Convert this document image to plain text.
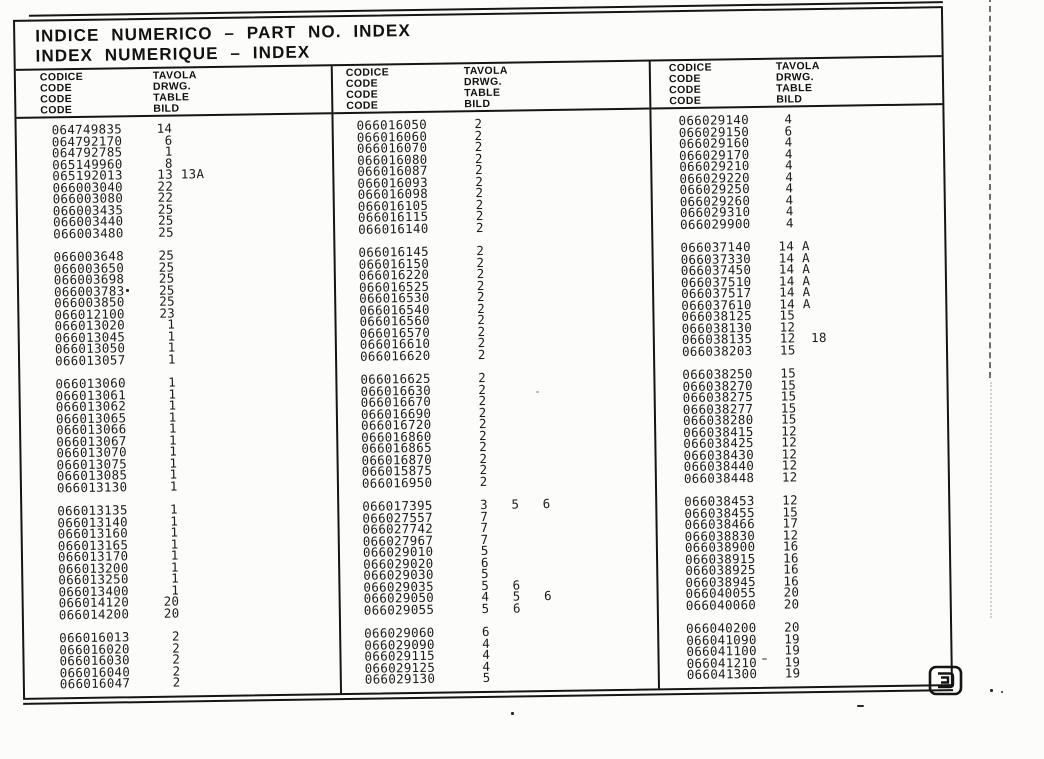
INDICE NUMERICO – PART NO. INDEX
INDEX NUMERIQUE – INDEX
CODICE
CODE
CODE
CODE
TAVOLA
DRWG.
TABLE
BILD
064749835	14
064792170	6
064792785	1
065149960	8
065192013	13 13A
066003040	22
066003080	22
066003435	25
066003440	25
066003480	25
066003648	25
066003650	25
066003698	25
066003783	25
066003850	25
066012100	23
066013020	1
066013045	1
066013050	1
066013057	1
066013060	1
066013061	1
066013062	1
066013065	1
066013066	1
066013067	1
066013070	1
066013075	1
066013085	1
066013130	1
066013135	1
066013140	1
066013160	1
066013165	1
066013170	1
066013200	1
066013250	1
066013400	1
066014120	20
066014200	20
066016013	2
066016020	2
066016030	2
066016040	2
066016047	2
CODICE
CODE
CODE
CODE
TAVOLA
DRWG.
TABLE
BILD
066016050	2
066016060	2
066016070	2
066016080	2
066016087	2
066016093	2
066016098	2
066016105	2
066016115	2
066016140	2
066016145	2
066016150	2
066016220	2
066016525	2
066016530	2
066016540	2
066016560	2
066016570	2
066016610	2
066016620	2
066016625	2
066016630	2
066016670	2
066016690	2
066016720	2
066016860	2
066016865	2
066016870	2
066015875	2
066016950	2
066017395	3   5   6
066027557	7
066027742	7
066027967	7
066029010	5
066029020	6
066029030	5
066029035	5   6
066029050	4   5   6
066029055	5   6
066029060	6
066029090	4
066029115	4
066029125	4
066029130	5
CODICE
CODE
CODE
CODE
TAVOLA
DRWG.
TABLE
BILD
066029140 4
066029150 6
066029160 4
066029170 4
066029210 4
066029220 4
066029250 4
066029260 4
066029310 4
066029900 4
066037140 14 A
066037330 14 A
066037450 14 A
066037510 14 A
066037517 14 A
066037610 14 A
066038125 15
066038130 12
066038135 12  18
066038203 15
066038250 15
066038270 15
066038275 15
066038277 15
066038280 15
066038415 12
066038425 12
066038430 12
066038440 12
066038448 12
066038453 12
066038455 15
066038466 17
066038830 12
066038900 16
066038915 16
066038925 16
066038945 16
066040055 20
066040060 20
066040200 20
066041090 19
066041100 19
066041210 19
066041300 19
